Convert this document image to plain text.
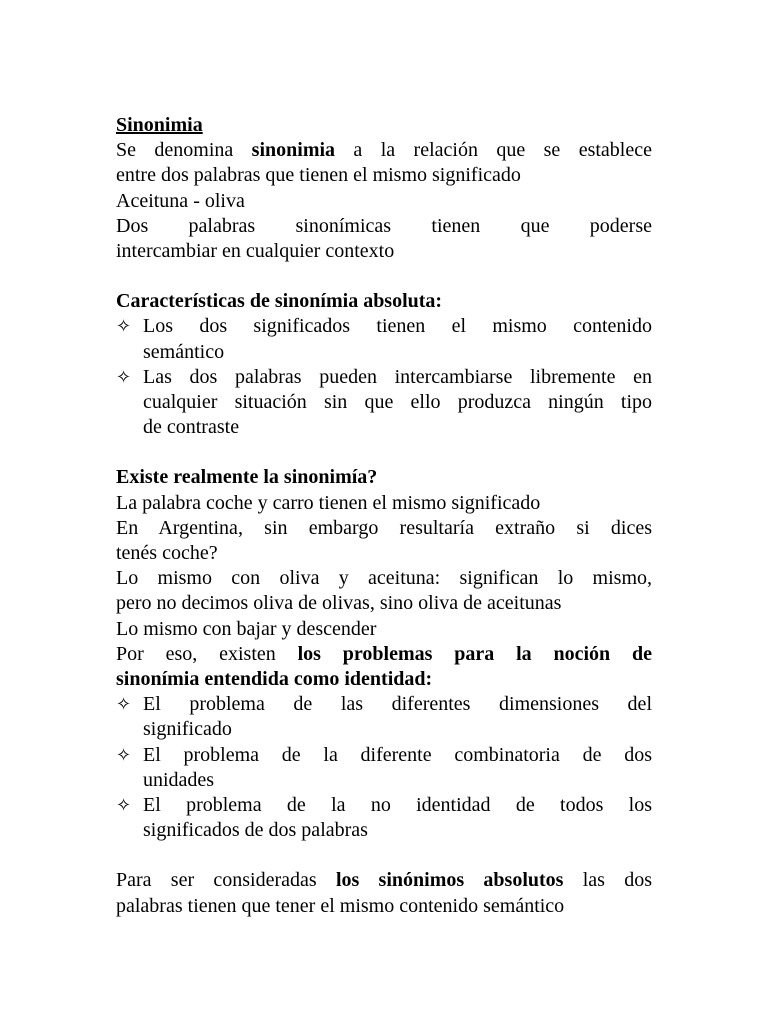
Sinonimia

Se denomina sinonimia a la relación que se establece

entre dos palabras que tienen el mismo significado

Aceituna - oliva

Dos palabras sinonímicas tienen que poderse

intercambiar en cualquier contexto

Características de sinonímia absoluta:

✧ Los dos significados tienen el mismo contenido
semántico
✧ Las dos palabras pueden intercambiarse libremente en
cualquier situación sin que ello produzca ningún tipo
de contraste

Existe realmente la sinonimía?

La palabra coche y carro tienen el mismo significado

En Argentina, sin embargo resultaría extraño si dices

tenés coche?

Lo mismo con oliva y aceituna: significan lo mismo,

pero no decimos oliva de olivas, sino oliva de aceitunas

Lo mismo con bajar y descender

Por eso, existen los problemas para la noción de

sinonímia entendida como identidad:

✧ El problema de las diferentes dimensiones del
significado
✧ El problema de la diferente combinatoria de dos
unidades
✧ El problema de la no identidad de todos los
significados de dos palabras

Para ser consideradas los sinónimos absolutos las dos

palabras tienen que tener el mismo contenido semántico
